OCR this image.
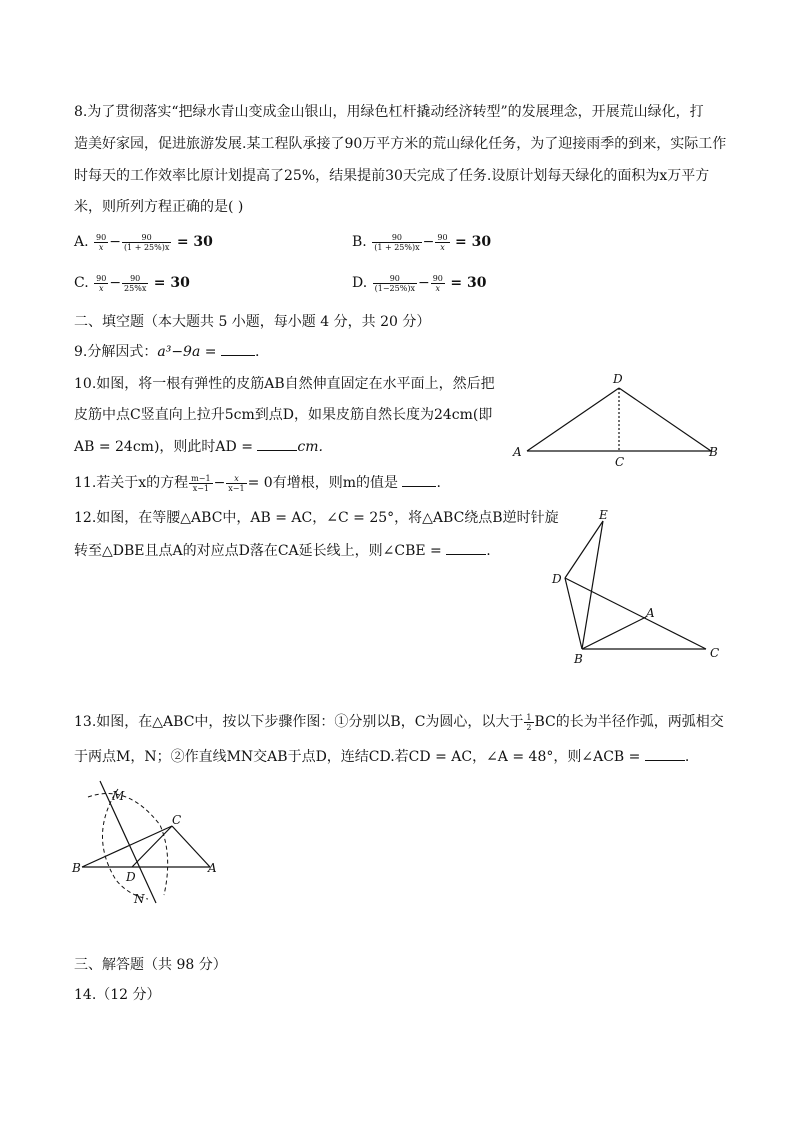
8.为了贯彻落实“把绿水青山变成金山银山，用绿色杠杆撬动经济转型”的发展理念，开展荒山绿化，打
造美好家园，促进旅游发展.某工程队承接了90万平方米的荒山绿化任务，为了迎接雨季的到来，实际工作
时每天的工作效率比原计划提高了25%，结果提前30天完成了任务.设原计划每天绿化的面积为x万平方
米，则所列方程正确的是( )
A. $\frac{90}{x} - \frac{90}{(1 + 25\%)x} = 30$	B. $\frac{90}{(1 + 25\%)x} - \frac{90}{x} = 30$
C. $\frac{90}{x} - \frac{90}{25\%x} = 30$	D. $\frac{90}{(1-25\%)x} - \frac{90}{x} = 30$
二、填空题（本大题共 5 小题，每小题 4 分，共 20 分）
9.分解因式：a³−9a =	.
10.如图，将一根有弹性的皮筋AB自然伸直固定在水平面上，然后把
皮筋中点C竖直向上拉升5cm到点D，如果皮筋自然长度为24cm(即
AB = 24cm)，则此时AD =	cm.
D
A
C
B
11.若关于x的方程 $\frac{m-1}{x-1} - \frac{x}{x-1} = 0$有增根，则m的值是	.
12.如图，在等腰△ABC中，AB = AC，∠C = 25°，将△ABC绕点B逆时针旋
转至△DBE且点A的对应点D落在CA延长线上，则∠CBE =	.
E
D
A
B	C
13.如图，在△ABC中，按以下步骤作图：①分别以B，C为圆心，以大于 $\frac{1}{2}$ BC的长为半径作弧，两弧相交
于两点M，N；②作直线MN交AB于点D，连结CD.若CD = AC，∠A = 48°，则∠ACB =	.
M
C
B
D
A
N
三、解答题（共 98 分）
14.（12 分）
